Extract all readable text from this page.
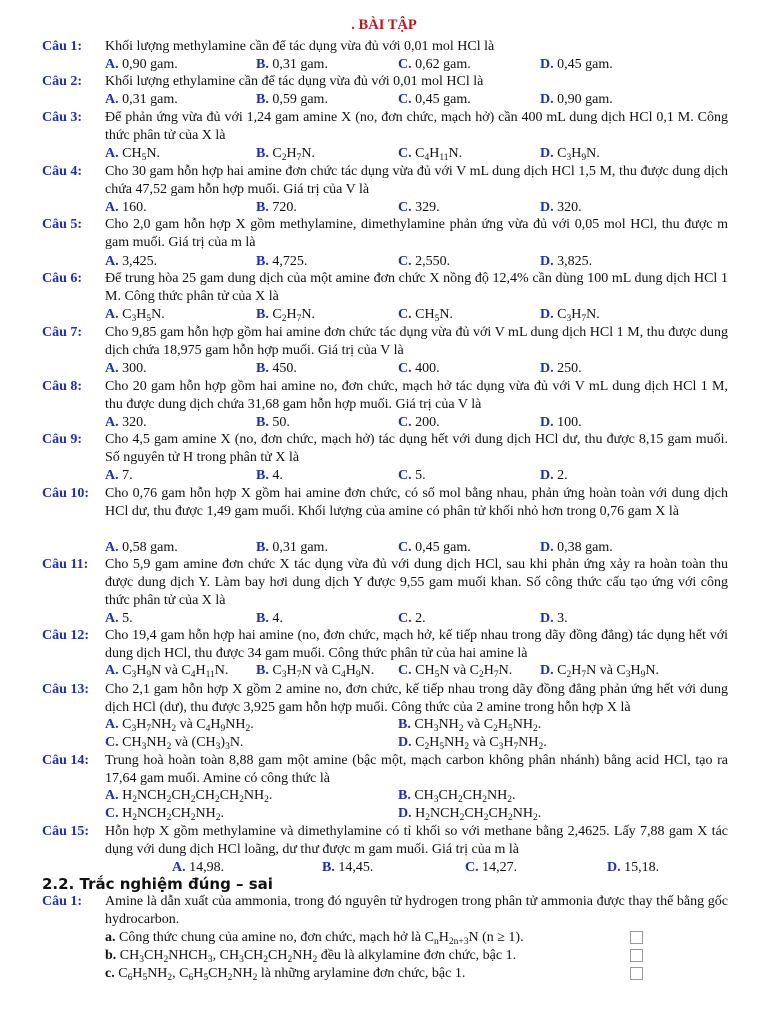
. BÀI TẬP
Câu 1: Khối lượng methylamine cần để tác dụng vừa đủ với 0,01 mol HCl là
A. 0,90 gam.	B. 0,31 gam.	C. 0,62 gam.	D. 0,45 gam.
Câu 2: Khối lượng ethylamine cần để tác dụng vừa đủ với 0,01 mol HCl là
A. 0,31 gam.	B. 0,59 gam.	C. 0,45 gam.	D. 0,90 gam.
Câu 3: Để phản ứng vừa đủ với 1,24 gam amine X (no, đơn chức, mạch hở) cần 400 mL dung dịch HCl 0,1 M. Công thức phân tử của X là
A. $CH_5N$.	B. $C_2H_7N$.	C. $C_4H_{11}N$.	D. $C_3H_9N$.
Câu 4: Cho 30 gam hỗn hợp hai amine đơn chức tác dụng vừa đủ với V mL dung dịch HCl 1,5 M, thu được dung dịch chứa 47,52 gam hỗn hợp muối. Giá trị của V là
A. 160.	B. 720.	C. 329.	D. 320.
Câu 5: Cho 2,0 gam hỗn hợp X gồm methylamine, dimethylamine phản ứng vừa đủ với 0,05 mol HCl, thu được m gam muối. Giá trị của m là
A. 3,425.	B. 4,725.	C. 2,550.	D. 3,825.
Câu 6: Để trung hòa 25 gam dung dịch của một amine đơn chức X nồng độ 12,4% cần dùng 100 mL dung dịch HCl 1 M. Công thức phân tử của X là
A. $C_3H_5N$.	B. $C_2H_7N$.	C. $CH_5N$.	D. $C_3H_7N$.
Câu 7: Cho 9,85 gam hỗn hợp gồm hai amine đơn chức tác dụng vừa đủ với V mL dung dịch HCl 1 M, thu được dung dịch chứa 18,975 gam hỗn hợp muối. Giá trị của V là
A. 300.	B. 450.	C. 400.	D. 250.
Câu 8: Cho 20 gam hỗn hợp gồm hai amine no, đơn chức, mạch hở tác dụng vừa đủ với V mL dung dịch HCl 1 M, thu được dung dịch chứa 31,68 gam hỗn hợp muối. Giá trị của V là
A. 320.	B. 50.	C. 200.	D. 100.
Câu 9: Cho 4,5 gam amine X (no, đơn chức, mạch hở) tác dụng hết với dung dịch HCl dư, thu được 8,15 gam muối. Số nguyên tử H trong phân tử X là
A. 7.	B. 4.	C. 5.	D. 2.
Câu 10: Cho 0,76 gam hỗn hợp X gồm hai amine đơn chức, có số mol bằng nhau, phản ứng hoàn toàn với dung dịch HCl dư, thu được 1,49 gam muối. Khối lượng của amine có phân tử khối nhỏ hơn trong 0,76 gam X là
A. 0,58 gam.	B. 0,31 gam.	C. 0,45 gam.	D. 0,38 gam.
Câu 11: Cho 5,9 gam amine đơn chức X tác dụng vừa đủ với dung dịch HCl, sau khi phản ứng xảy ra hoàn toàn thu được dung dịch Y. Làm bay hơi dung dịch Y được 9,55 gam muối khan. Số công thức cấu tạo ứng với công thức phân tử của X là
A. 5.	B. 4.	C. 2.	D. 3.
Câu 12: Cho 19,4 gam hỗn hợp hai amine (no, đơn chức, mạch hở, kế tiếp nhau trong dãy đồng đẳng) tác dụng hết với dung dịch HCl, thu được 34 gam muối. Công thức phân tử của hai amine là
A. $C_3H_9N$ và $C_4H_{11}N$. B. $C_3H_7N$ và $C_4H_9N$. C. $CH_5N$ và $C_2H_7N$. D. $C_2H_7N$ và $C_3H_9N$.
Câu 13: Cho 2,1 gam hỗn hợp X gồm 2 amine no, đơn chức, kế tiếp nhau trong dãy đồng đẳng phản ứng hết với dung dịch HCl (dư), thu được 3,925 gam hỗn hợp muối. Công thức của 2 amine trong hỗn hợp X là
A. $C_3H_7NH_2$ và $C_4H_9NH_2$.	B. $CH_3NH_2$ và $C_2H_5NH_2$.
C. $CH_3NH_2$ và $(CH_3)_3N$.	D. $C_2H_5NH_2$ và $C_3H_7NH_2$.
Câu 14: Trung hoà hoàn toàn 8,88 gam một amine (bậc một, mạch carbon không phân nhánh) bằng acid HCl, tạo ra 17,64 gam muối. Amine có công thức là
A. $H_2NCH_2CH_2CH_2CH_2NH_2$.	B. $CH_3CH_2CH_2NH_2$.
C. $H_2NCH_2CH_2NH_2$.	D. $H_2NCH_2CH_2CH_2NH_2$.
Câu 15: Hỗn hợp X gồm methylamine và dimethylamine có tỉ khối so với methane bằng 2,4625. Lấy 7,88 gam X tác dụng với dung dịch HCl loãng, dư thư được m gam muối. Giá trị của m là
A. 14,98.	B. 14,45.	C. 14,27.	D. 15,18.
2.2. Trắc nghiệm đúng – sai
Câu 1: Amine là dẫn xuất của ammonia, trong đó nguyên tử hydrogen trong phân tử ammonia được thay thế bằng gốc hydrocarbon.
a. Công thức chung của amine no, đơn chức, mạch hở là $C_nH_{2n+3}N$ (n ≥ 1).
b. $CH_3CH_2NHCH_3$, $CH_3CH_2CH_2NH_2$ đều là alkylamine đơn chức, bậc 1.
c. $C_6H_5NH_2$, $C_6H_5CH_2NH_2$ là những arylamine đơn chức, bậc 1.
